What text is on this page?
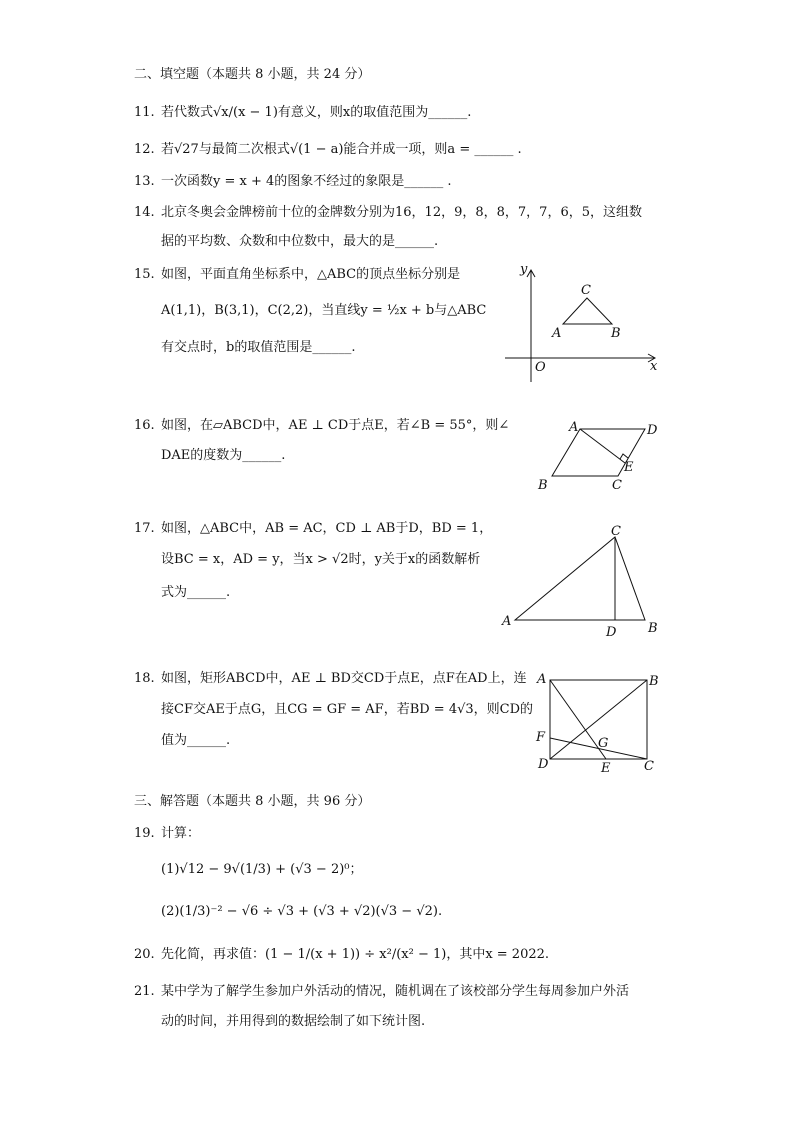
二、填空题（本题共 8 小题，共 24 分）
11. 若代数式√x/(x − 1)有意义，则x的取值范围为______.
12. 若√27与最简二次根式√(1 − a)能合并成一项，则a = ______ .
13. 一次函数y = x + 4的图象不经过的象限是______ .
14. 北京冬奥会金牌榜前十位的金牌数分别为16，12，9，8，8，7，7，6，5，这组数
据的平均数、众数和中位数中，最大的是______.
15. 如图，平面直角坐标系中，△ABC的顶点坐标分别是
A(1,1)，B(3,1)，C(2,2)，当直线y = ½x + b与△ABC
有交点时，b的取值范围是______.
y
x
O
C
A	B
16. 如图，在▱ABCD中，AE ⊥ CD于点E，若∠B = 55°，则∠
DAE的度数为______.
A	D
E
B	C
17. 如图，△ABC中，AB = AC，CD ⊥ AB于D，BD = 1，
设BC = x，AD = y，当x > √2时，y关于x的函数解析
式为______.
C
A
D B
18. 如图，矩形ABCD中，AE ⊥ BD交CD于点E，点F在AD上，连
接CF交AE于点G，且CG = GF = AF，若BD = 4√3，则CD的
值为______.
A	B
F	G
D	E	C
三、解答题（本题共 8 小题，共 96 分）
19. 计算：
(1)√12 − 9√(1/3) + (√3 − 2)⁰；
(2)(1/3)⁻² − √6 ÷ √3 + (√3 + √2)(√3 − √2).
20. 先化简，再求值：(1 − 1/(x + 1)) ÷ x²/(x² − 1)，其中x = 2022.
21. 某中学为了解学生参加户外活动的情况，随机调在了该校部分学生每周参加户外活
动的时间，并用得到的数据绘制了如下统计图.
